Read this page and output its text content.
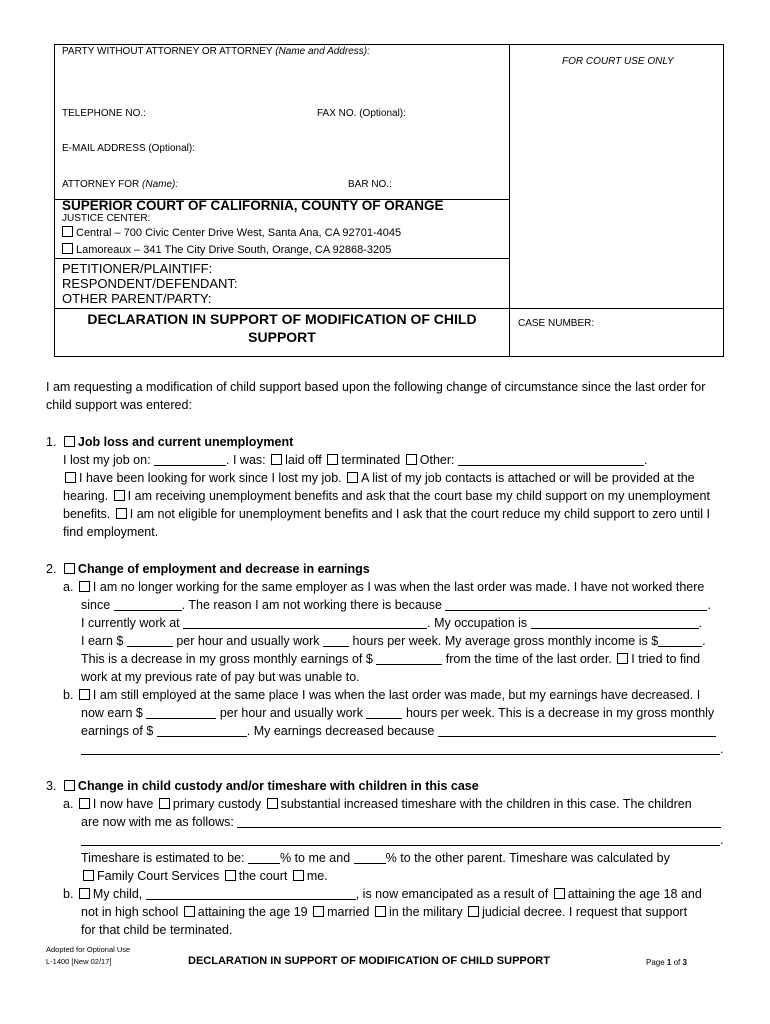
PARTY WITHOUT ATTORNEY OR ATTORNEY (Name and Address):
FOR COURT USE ONLY
TELEPHONE NO.:	FAX NO. (Optional):
E-MAIL ADDRESS (Optional):
ATTORNEY FOR (Name):	BAR NO.:
SUPERIOR COURT OF CALIFORNIA, COUNTY OF ORANGE
JUSTICE CENTER:
Central – 700 Civic Center Drive West, Santa Ana, CA 92701-4045
Lamoreaux – 341 The City Drive South, Orange, CA 92868-3205
PETITIONER/PLAINTIFF:
RESPONDENT/DEFENDANT:
OTHER PARENT/PARTY:
DECLARATION IN SUPPORT OF MODIFICATION OF CHILD
SUPPORT
CASE NUMBER:
I am requesting a modification of child support based upon the following change of circumstance since the last order for
child support was entered:
1. Job loss and current unemployment
I lost my job on:	. I was: laid off terminated Other:	.
I have been looking for work since I lost my job. A list of my job contacts is attached or will be provided at the
hearing. I am receiving unemployment benefits and ask that the court base my child support on my unemployment
benefits. I am not eligible for unemployment benefits and I ask that the court reduce my child support to zero until I
find employment.
2. Change of employment and decrease in earnings
a. I am no longer working for the same employer as I was when the last order was made. I have not worked there
since	. The reason I am not working there is because	.
I currently work at	. My occupation is	.
I earn $	per hour and usually work	hours per week. My average gross monthly income is $	.
This is a decrease in my gross monthly earnings of $	from the time of the last order. I tried to find
work at my previous rate of pay but was unable to.
b. I am still employed at the same place I was when the last order was made, but my earnings have decreased. I
now earn $	per hour and usually work	hours per week. This is a decrease in my gross monthly
earnings of $	. My earnings decreased because
.
3. Change in child custody and/or timeshare with children in this case
a. I now have primary custody substantial increased timeshare with the children in this case. The children
are now with me as follows:
.
Timeshare is estimated to be:	% to me and	% to the other parent. Timeshare was calculated by
Family Court Services the court me.
b. My child,	, is now emancipated as a result of attaining the age 18 and
not in high school attaining the age 19 married in the military judicial decree. I request that support
for that child be terminated.
Adopted for Optional Use
L-1400 [New 02/17]	DECLARATION IN SUPPORT OF MODIFICATION OF CHILD SUPPORT	Page 1 of 3
